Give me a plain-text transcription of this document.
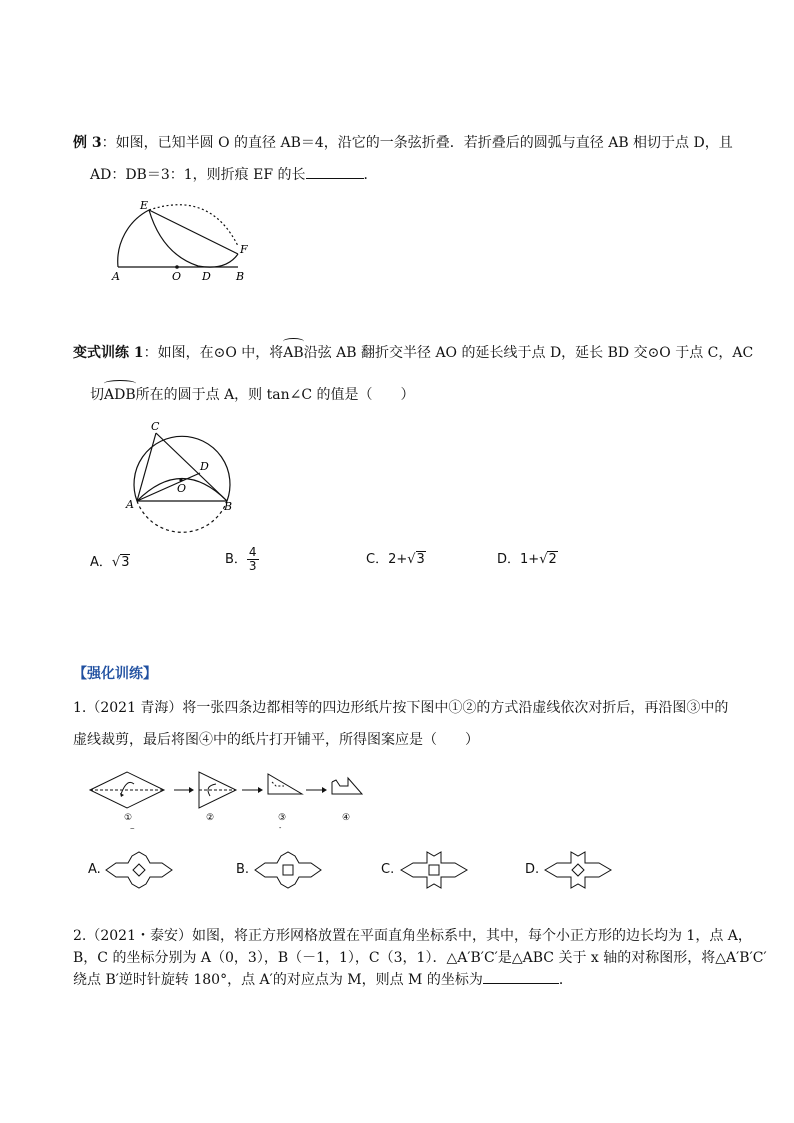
例 3：如图，已知半圆 O 的直径 AB＝4，沿它的一条弦折叠．若折叠后的圆弧与直径 AB 相切于点 D，且
AD：DB＝3：1，则折痕 EF 的长	．
E
F
A	O D B
变式训练 1：如图，在⊙O 中，将AB沿弦 AB 翻折交半径 AO 的延长线于点 D，延长 BD 交⊙O 于点 C，AC
切ADB所在的圆于点 A，则 tan∠C 的值是（　　）
C
D
O
A	B
A．√3	B． $\frac{4}{3}$	C．2+√3	D．1+√2
【强化训练】
1.（2021 青海）将一张四条边都相等的四边形纸片按下图中①②的方式沿虚线依次对折后，再沿图③中的
虚线裁剪，最后将图④中的纸片打开铺平，所得图案应是（　　）
①	②	③	④
⌢	-
A.	B.	C.	D.
2.（2021・泰安）如图，将正方形网格放置在平面直角坐标系中，其中，每个小正方形的边长均为 1，点 A，
B，C 的坐标分别为 A（0，3），B（－1，1），C（3，1）．△A′B′C′是△ABC 关于 x 轴的对称图形，将△A′B′C′
绕点 B′逆时针旋转 180°，点 A′的对应点为 M，则点 M 的坐标为	．
